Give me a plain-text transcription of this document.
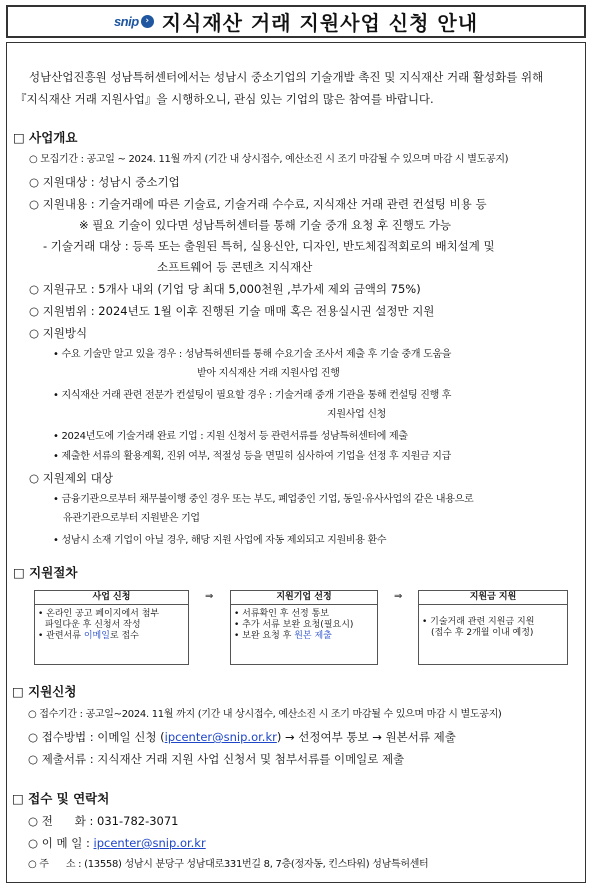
snip › 지식재산 거래 지원사업 신청 안내
성남산업진흥원 성남특허센터에서는 성남시 중소기업의 기술개발 촉진 및 지식재산 거래 활성화를 위해
『지식재산 거래 지원사업』을 시행하오니, 관심 있는 기업의 많은 참여를 바랍니다.
□ 사업개요
○ 모집기간 : 공고일 ~ 2024. 11월 까지 (기간 내 상시접수, 예산소진 시 조기 마감될 수 있으며 마감 시 별도공지)
○ 지원대상 : 성남시 중소기업
○ 지원내용 : 기술거래에 따른 기술료, 기술거래 수수료, 지식재산 거래 관련 컨설팅 비용 등
※ 필요 기술이 있다면 성남특허센터를 통해 기술 중개 요청 후 진행도 가능
- 기술거래 대상 : 등록 또는 출원된 특허, 실용신안, 디자인, 반도체집적회로의 배치설계 및
소프트웨어 등 콘텐츠 지식재산
○ 지원규모 : 5개사 내외 (기업 당 최대 5,000천원 ,부가세 제외 금액의 75%)
○ 지원범위 : 2024년도 1월 이후 진행된 기술 매매 혹은 전용실시권 설정만 지원
○ 지원방식
• 수요 기술만 알고 있을 경우 : 성남특허센터를 통해 수요기술 조사서 제출 후 기술 중개 도움을
받아 지식재산 거래 지원사업 진행
• 지식재산 거래 관련 전문가 컨설팅이 필요할 경우 : 기술거래 중개 기관을 통해 컨설팅 진행 후
지원사업 신청
• 2024년도에 기술거래 완료 기업 : 지원 신청서 등 관련서류를 성남특허센터에 제출
• 제출한 서류의 활용계획, 진위 여부, 적절성 등을 면밀히 심사하여 기업을 선정 후 지원금 지급
○ 지원제외 대상
• 금융기관으로부터 채무불이행 중인 경우 또는 부도, 폐업중인 기업, 동일·유사사업의 같은 내용으로
유관기관으로부터 지원받은 기업
• 성남시 소재 기업이 아닐 경우, 해당 지원 사업에 자동 제외되고 지원비용 환수
□ 지원절차
사업 신청
• 온라인 공고 페이지에서 첨부
파일다운 후 신청서 작성
• 관련서류 이메일로 접수
⇒	지원기업 선정
• 서류확인 후 선정 통보
• 추가 서류 보완 요청(필요시)
• 보완 요청 후 원본 제출
⇒	지원금 지원
• 기술거래 관련 지원금 지원
(접수 후 2개월 이내 예정)
□ 지원신청
○ 접수기간 : 공고일~2024. 11월 까지 (기간 내 상시접수, 예산소진 시 조기 마감될 수 있으며 마감 시 별도공지)
○ 접수방법 : 이메일 신청 (ipcenter@snip.or.kr) → 선정여부 통보 → 원본서류 제출
○ 제출서류 : 지식재산 거래 지원 사업 신청서 및 첨부서류를 이메일로 제출
□ 접수 및 연락처
○ 전      화 : 031-782-3071
○ 이 메 일 : ipcenter@snip.or.kr
○ 주      소 : (13558) 성남시 분당구 성남대로331번길 8, 7층(정자동, 킨스타워) 성남특허센터
